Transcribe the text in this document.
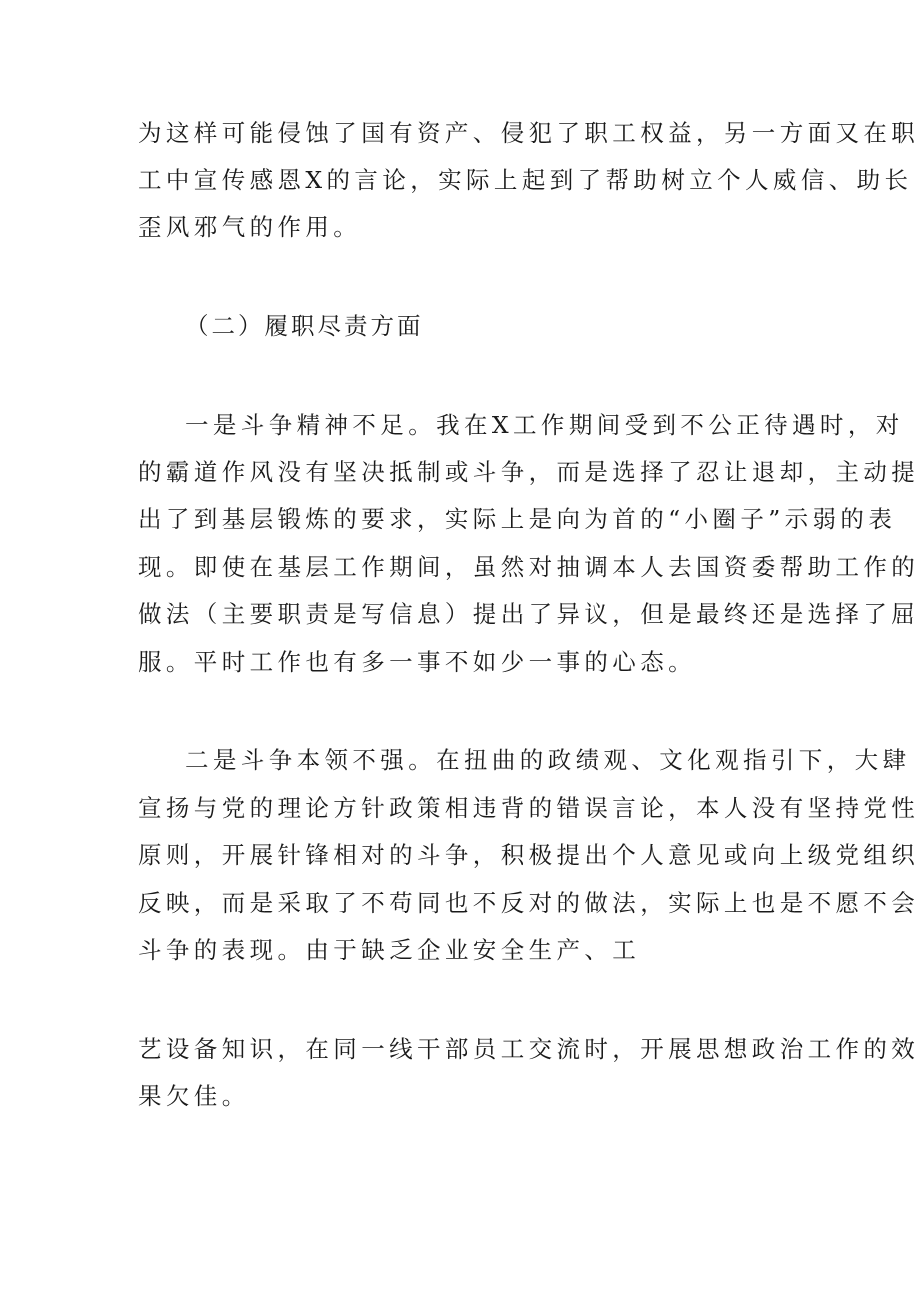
为这样可能侵蚀了国有资产、侵犯了职工权益，另一方面又在职
工中宣传感恩X的言论，实际上起到了帮助树立个人威信、助长
歪风邪气的作用。
（二）履职尽责方面
一是斗争精神不足。我在X工作期间受到不公正待遇时，对
的霸道作风没有坚决抵制或斗争，而是选择了忍让退却，主动提
出了到基层锻炼的要求，实际上是向为首的“小圈子”示弱的表
现。即使在基层工作期间，虽然对抽调本人去国资委帮助工作的
做法（主要职责是写信息）提出了异议，但是最终还是选择了屈
服。平时工作也有多一事不如少一事的心态。
二是斗争本领不强。在扭曲的政绩观、文化观指引下，大肆
宣扬与党的理论方针政策相违背的错误言论，本人没有坚持党性
原则，开展针锋相对的斗争，积极提出个人意见或向上级党组织
反映，而是采取了不苟同也不反对的做法，实际上也是不愿不会
斗争的表现。由于缺乏企业安全生产、工
艺设备知识，在同一线干部员工交流时，开展思想政治工作的效
果欠佳。
